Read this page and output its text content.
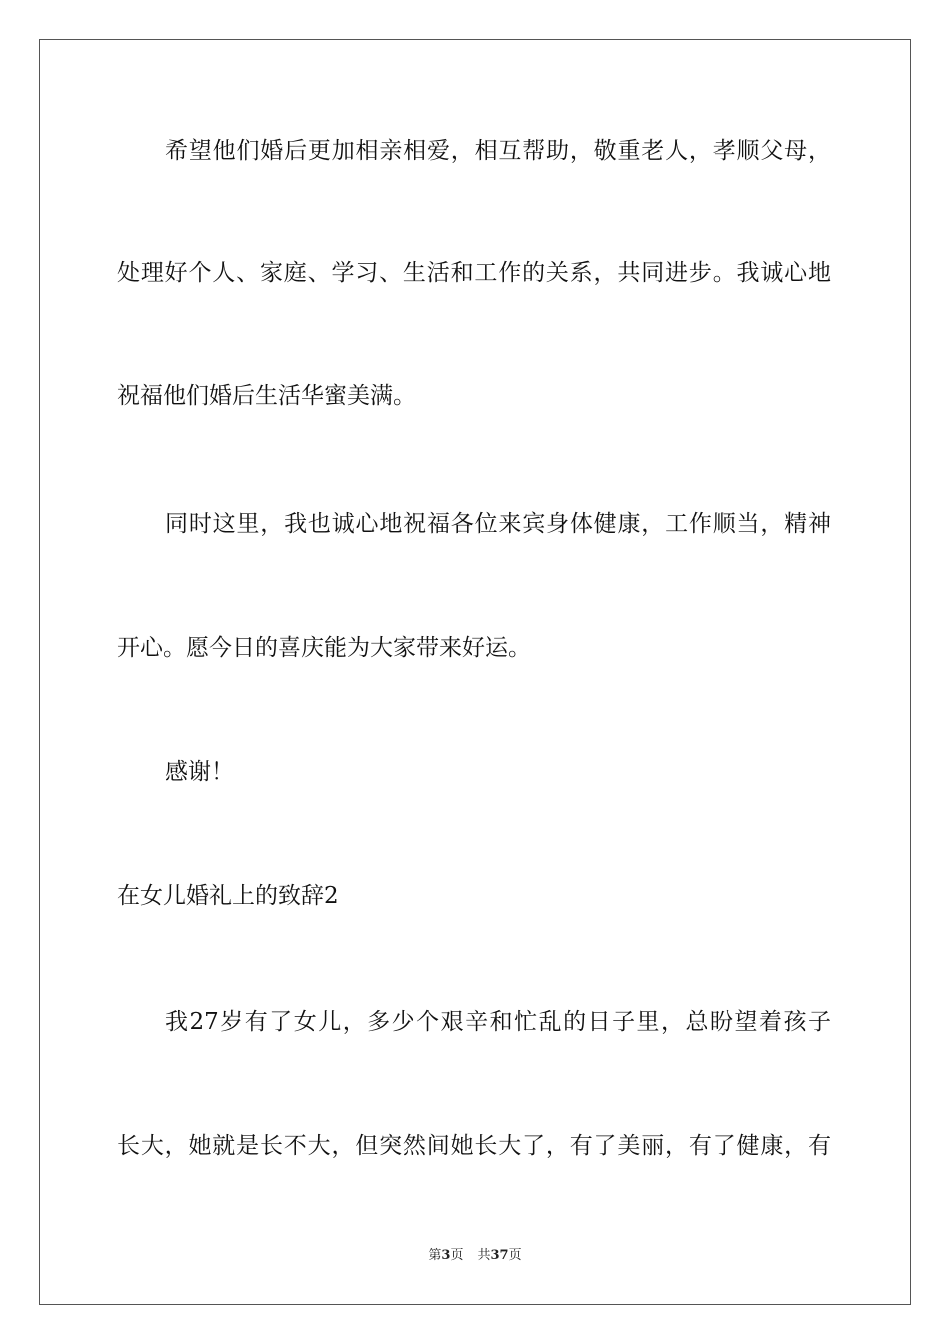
希望他们婚后更加相亲相爱，相互帮助，敬重老人，孝顺父母，
处理好个人、家庭、学习、生活和工作的关系，共同进步。我诚心地
祝福他们婚后生活华蜜美满。
同时这里，我也诚心地祝福各位来宾身体健康，工作顺当，精神
开心。愿今日的喜庆能为大家带来好运。
感谢！
在女儿婚礼上的致辞2
我27岁有了女儿，多少个艰辛和忙乱的日子里，总盼望着孩子
长大，她就是长不大，但突然间她长大了，有了美丽，有了健康，有
第3页 共37页
